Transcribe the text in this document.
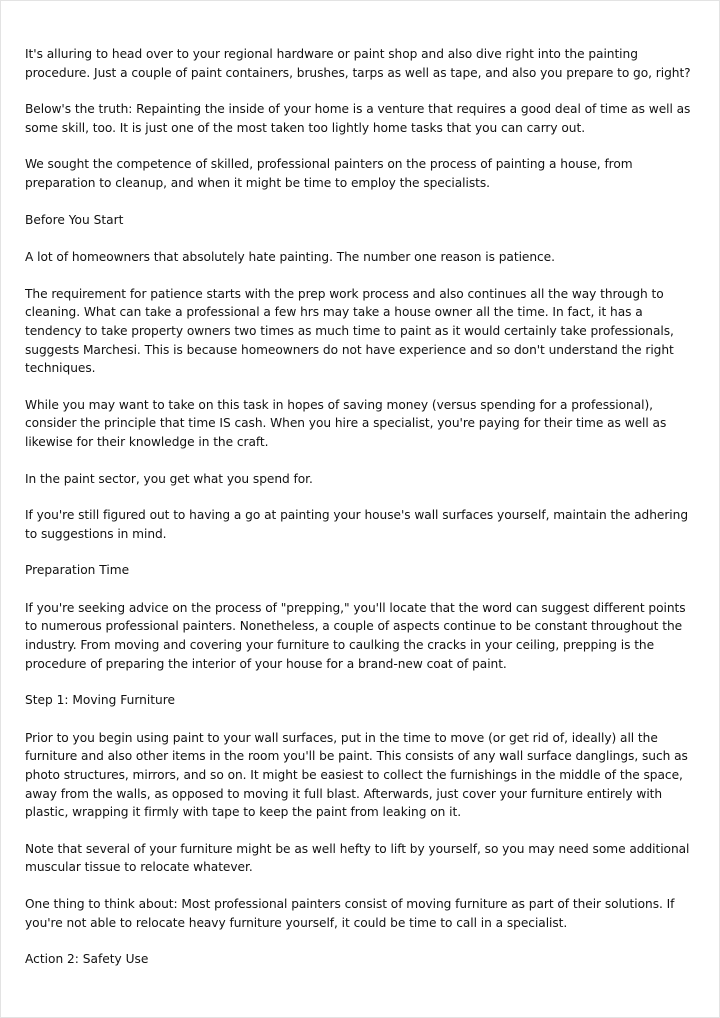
It's alluring to head over to your regional hardware or paint shop and also dive right into the painting procedure. Just a couple of paint containers, brushes, tarps as well as tape, and also you prepare to go, right?

Below's the truth: Repainting the inside of your home is a venture that requires a good deal of time as well as some skill, too. It is just one of the most taken too lightly home tasks that you can carry out.

We sought the competence of skilled, professional painters on the process of painting a house, from preparation to cleanup, and when it might be time to employ the specialists.

Before You Start

A lot of homeowners that absolutely hate painting. The number one reason is patience.

The requirement for patience starts with the prep work process and also continues all the way through to cleaning. What can take a professional a few hrs may take a house owner all the time. In fact, it has a tendency to take property owners two times as much time to paint as it would certainly take professionals, suggests Marchesi. This is because homeowners do not have experience and so don't understand the right techniques.

While you may want to take on this task in hopes of saving money (versus spending for a professional), consider the principle that time IS cash. When you hire a specialist, you're paying for their time as well as likewise for their knowledge in the craft.

In the paint sector, you get what you spend for.

If you're still figured out to having a go at painting your house's wall surfaces yourself, maintain the adhering to suggestions in mind.

Preparation Time

If you're seeking advice on the process of "prepping," you'll locate that the word can suggest different points to numerous professional painters. Nonetheless, a couple of aspects continue to be constant throughout the industry. From moving and covering your furniture to caulking the cracks in your ceiling, prepping is the procedure of preparing the interior of your house for a brand-new coat of paint.

Step 1: Moving Furniture

Prior to you begin using paint to your wall surfaces, put in the time to move (or get rid of, ideally) all the furniture and also other items in the room you'll be paint. This consists of any wall surface danglings, such as photo structures, mirrors, and so on. It might be easiest to collect the furnishings in the middle of the space, away from the walls, as opposed to moving it full blast. Afterwards, just cover your furniture entirely with plastic, wrapping it firmly with tape to keep the paint from leaking on it.

Note that several of your furniture might be as well hefty to lift by yourself, so you may need some additional muscular tissue to relocate whatever.

One thing to think about: Most professional painters consist of moving furniture as part of their solutions. If you're not able to relocate heavy furniture yourself, it could be time to call in a specialist.

Action 2: Safety Use
